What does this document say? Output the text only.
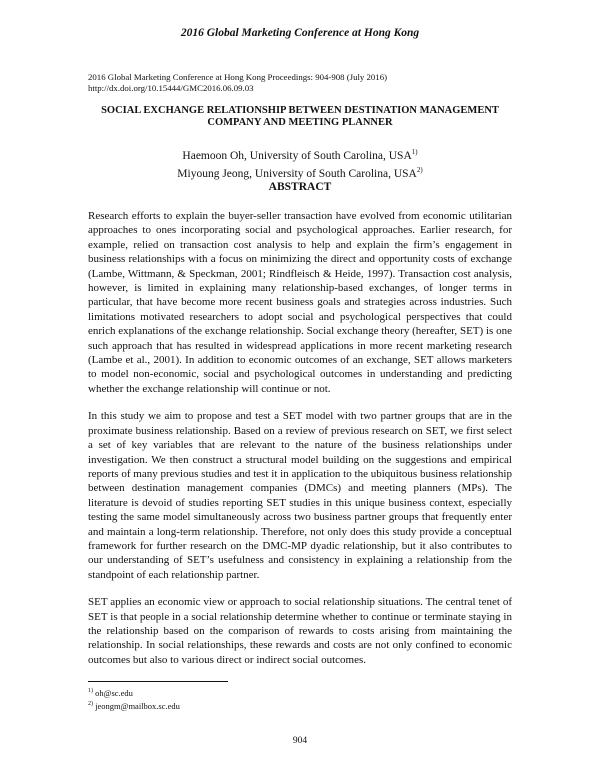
2016 Global Marketing Conference at Hong Kong
2016 Global Marketing Conference at Hong Kong Proceedings: 904-908 (July 2016)
http://dx.doi.org/10.15444/GMC2016.06.09.03
SOCIAL EXCHANGE RELATIONSHIP BETWEEN DESTINATION MANAGEMENT
COMPANY AND MEETING PLANNER
Haemoon Oh, University of South Carolina, USA$^{1)}$
Miyoung Jeong, University of South Carolina, USA$^{2)}$
ABSTRACT

Research efforts to explain the buyer-seller transaction have evolved from economic utilitarian approaches to ones incorporating social and psychological approaches. Earlier research, for example, relied on transaction cost analysis to help and explain the firm’s engagement in business relationships with a focus on minimizing the direct and opportunity costs of exchange (Lambe, Wittmann, & Speckman, 2001; Rindfleisch & Heide, 1997). Transaction cost analysis, however, is limited in explaining many relationship-based exchanges, of longer terms in particular, that have become more recent business goals and strategies across industries. Such limitations motivated researchers to adopt social and psychological perspectives that could enrich explanations of the exchange relationship. Social exchange theory (hereafter, SET) is one such approach that has resulted in widespread applications in more recent marketing research (Lambe et al., 2001). In addition to economic outcomes of an exchange, SET allows marketers to model non-economic, social and psychological outcomes in understanding and predicting whether the exchange relationship will continue or not.

In this study we aim to propose and test a SET model with two partner groups that are in the proximate business relationship. Based on a review of previous research on SET, we first select a set of key variables that are relevant to the nature of the business relationships under investigation. We then construct a structural model building on the suggestions and empirical reports of many previous studies and test it in application to the ubiquitous business relationship between destination management companies (DMCs) and meeting planners (MPs). The literature is devoid of studies reporting SET studies in this unique business context, especially testing the same model simultaneously across two business partner groups that frequently enter and maintain a long-term relationship. Therefore, not only does this study provide a conceptual framework for further research on the DMC-MP dyadic relationship, but it also contributes to our understanding of SET’s usefulness and consistency in explaining a relationship from the standpoint of each relationship partner.

SET applies an economic view or approach to social relationship situations. The central tenet of SET is that people in a social relationship determine whether to continue or terminate staying in the relationship based on the comparison of rewards to costs arising from maintaining the relationship. In social relationships, these rewards and costs are not only confined to economic outcomes but also to various direct or indirect social outcomes.

$^{1)}$ oh@sc.edu
$^{2)}$ jeongm@mailbox.sc.edu
904
